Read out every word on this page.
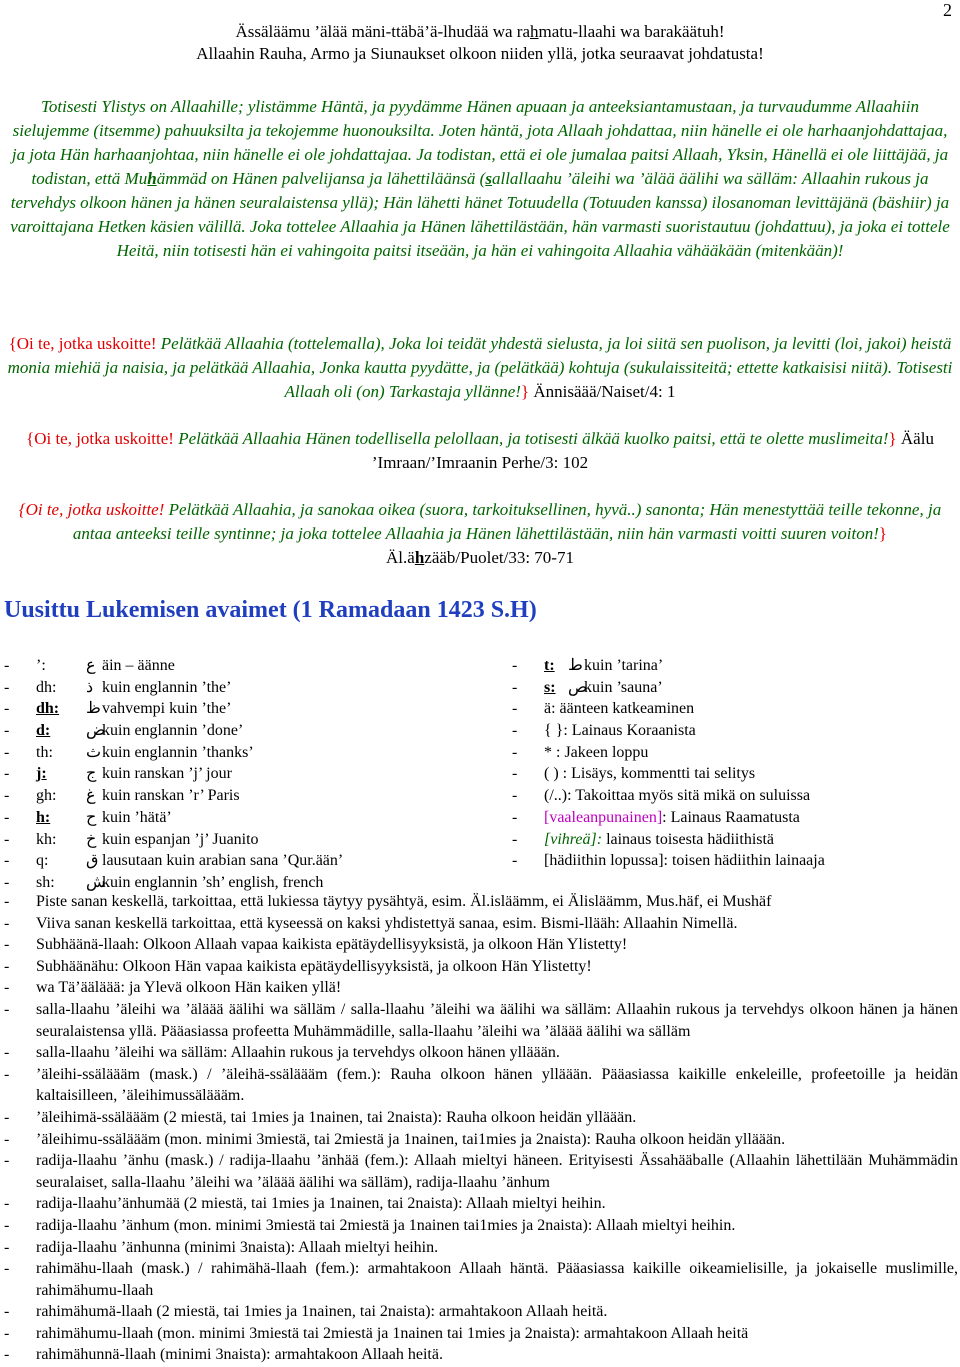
2
Ässäläämu ’älää mäni-ttäbä’ä-lhudää wa rahmatu-llaahi wa barakäätuh!
Allaahin Rauha, Armo ja Siunaukset olkoon niiden yllä, jotka seuraavat johdatusta!
Totisesti Ylistys on Allaahille; ylistämme Häntä, ja pyydämme Hänen apuaan ja anteeksiantamustaan, ja turvaudumme Allaahiin sielujemme (itsemme) pahuuksilta ja tekojemme huonouksilta. Joten häntä, jota Allaah johdattaa, niin hänelle ei ole harhaanjohdattajaa, ja jota Hän harhaanjohtaa, niin hänelle ei ole johdattajaa. Ja todistan, että ei ole jumalaa paitsi Allaah, Yksin, Hänellä ei ole liittäjää, ja todistan, että Muhämmäd on Hänen palvelijansa ja lähettiläänsä (sallallaahu ’äleihi wa ’älää äälihi wa sälläm: Allaahin rukous ja tervehdys olkoon hänen ja hänen seuralaistensa yllä); Hän lähetti hänet Totuudella (Totuuden kanssa) ilosanoman levittäjänä (bäshiir) ja varoittajana Hetken käsien välillä. Joka tottelee Allaahia ja Hänen lähettilästään, hän varmasti suoristautuu (johdattuu), ja joka ei tottele Heitä, niin totisesti hän ei vahingoita paitsi itseään, ja hän ei vahingoita Allaahia vähääkään (mitenkään)!
{Oi te, jotka uskoitte! Pelätkää Allaahia (tottelemalla), Joka loi teidät yhdestä sielusta, ja loi siitä sen puolison, ja levitti (loi, jakoi) heistä monia miehiä ja naisia, ja pelätkää Allaahia, Jonka kautta pyydätte, ja (pelätkää) kohtuja (sukulaissiteitä; ettette katkaisisi niitä). Totisesti Allaah oli (on) Tarkastaja yllänne!} Ännisäää/Naiset/4: 1
{Oi te, jotka uskoitte! Pelätkää Allaahia Hänen todellisella pelollaan, ja totisesti älkää kuolko paitsi, että te olette muslimeita!} Äälu ’Imraan/’Imraanin Perhe/3: 102
{Oi te, jotka uskoitte! Pelätkää Allaahia, ja sanokaa oikea (suora, tarkoituksellinen, hyvä..) sanonta; Hän menestyttää teille tekonne, ja antaa anteeksi teille syntinne; ja joka tottelee Allaahia ja Hänen lähettilästään, niin hän varmasti voitti suuren voiton!} Äl.ähzääb/Puolet/33: 70-71
Uusittu Lukemisen avaimet (1 Ramadaan 1423 S.H)
- ’:	ع äin – äänne
- dh: ذ kuin englannin ’the’
- dh: ظ vahvempi kuin ’the’
- d: ض
kuin englannin ’done’
- th: ث kuin englannin ’thanks’
- j: ج kuin ranskan ’j’ jour
- gh: غ kuin ranskan ’r’ Paris
- h: ح kuin ’hätä’
- kh: خ kuin espanjan ’j’ Juanito
- q: ق lausutaan kuin arabian sana ’Qur.ään’
- sh: ش
kuin englannin ’sh’ english, french
- t: ط kuin ’tarina’
- s: ص
kuin ’sauna’
- ä: äänteen katkeaminen
- { }: Lainaus Koraanista
- * : Jakeen loppu
- ( ) : Lisäys, kommentti tai selitys
- (/..): Takoittaa myös sitä mikä on suluissa
- [vaaleanpunainen]: Lainaus Raamatusta
- [vihreä]: lainaus toisesta hädiithistä
- [hädiithin lopussa]: toisen hädiithin lainaaja
- Piste sanan keskellä, tarkoittaa, että lukiessa täytyy pysähtyä, esim. Äl.isläämm, ei Älisläämm, Mus.häf, ei Mushäf
- Viiva sanan keskellä tarkoittaa, että kyseessä on kaksi yhdistettyä sanaa, esim. Bismi-llääh: Allaahin Nimellä.
- Subhäänä-llaah: Olkoon Allaah vapaa kaikista epätäydellisyyksistä, ja olkoon Hän Ylistetty!
- Subhäänähu: Olkoon Hän vapaa kaikista epätäydellisyyksistä, ja olkoon Hän Ylistetty!
- wa Tä’ääläää: ja Ylevä olkoon Hän kaiken yllä!
- salla-llaahu ’äleihi wa ’äläää äälihi wa sälläm / salla-llaahu ’äleihi wa äälihi wa sälläm: Allaahin rukous ja tervehdys olkoon hänen ja hänen seuralaistensa yllä. Pääasiassa profeetta Muhämmädille, salla-llaahu ’äleihi wa ’äläää äälihi wa sälläm
- salla-llaahu ’äleihi wa sälläm: Allaahin rukous ja tervehdys olkoon hänen ylläään.
- ’äleihi-ssäläääm (mask.) / ’äleihä-ssäläääm (fem.): Rauha olkoon hänen ylläään. Pääasiassa kaikille enkeleille, profeetoille ja heidän kaltaisilleen, ’äleihimussäläääm.
- ’äleihimä-ssäläääm (2 miestä, tai 1mies ja 1nainen, tai 2naista): Rauha olkoon heidän ylläään.
- ’äleihimu-ssäläääm (mon. minimi 3miestä, tai 2miestä ja 1nainen, tai1mies ja 2naista): Rauha olkoon heidän ylläään.
- radija-llaahu ’änhu (mask.) / radija-llaahu ’änhää (fem.): Allaah mieltyi häneen. Erityisesti Ässahääballe (Allaahin lähettilään Muhämmädin seuralaiset, salla-llaahu ’äleihi wa ’äläää äälihi wa sälläm), radija-llaahu ’änhum
- radija-llaahu’änhumää (2 miestä, tai 1mies ja 1nainen, tai 2naista): Allaah mieltyi heihin.
- radija-llaahu ’änhum (mon. minimi 3miestä tai 2miestä ja 1nainen tai1mies ja 2naista): Allaah mieltyi heihin.
- radija-llaahu ’änhunna (minimi 3naista): Allaah mieltyi heihin.
- rahimähu-llaah (mask.) / rahimähä-llaah (fem.): armahtakoon Allaah häntä. Pääasiassa kaikille oikeamielisille, ja jokaiselle muslimille, rahimähumu-llaah
- rahimähumä-llaah (2 miestä, tai 1mies ja 1nainen, tai 2naista): armahtakoon Allaah heitä.
- rahimähumu-llaah (mon. minimi 3miestä tai 2miestä ja 1nainen tai 1mies ja 2naista): armahtakoon Allaah heitä
- rahimähunnä-llaah (minimi 3naista): armahtakoon Allaah heitä.
